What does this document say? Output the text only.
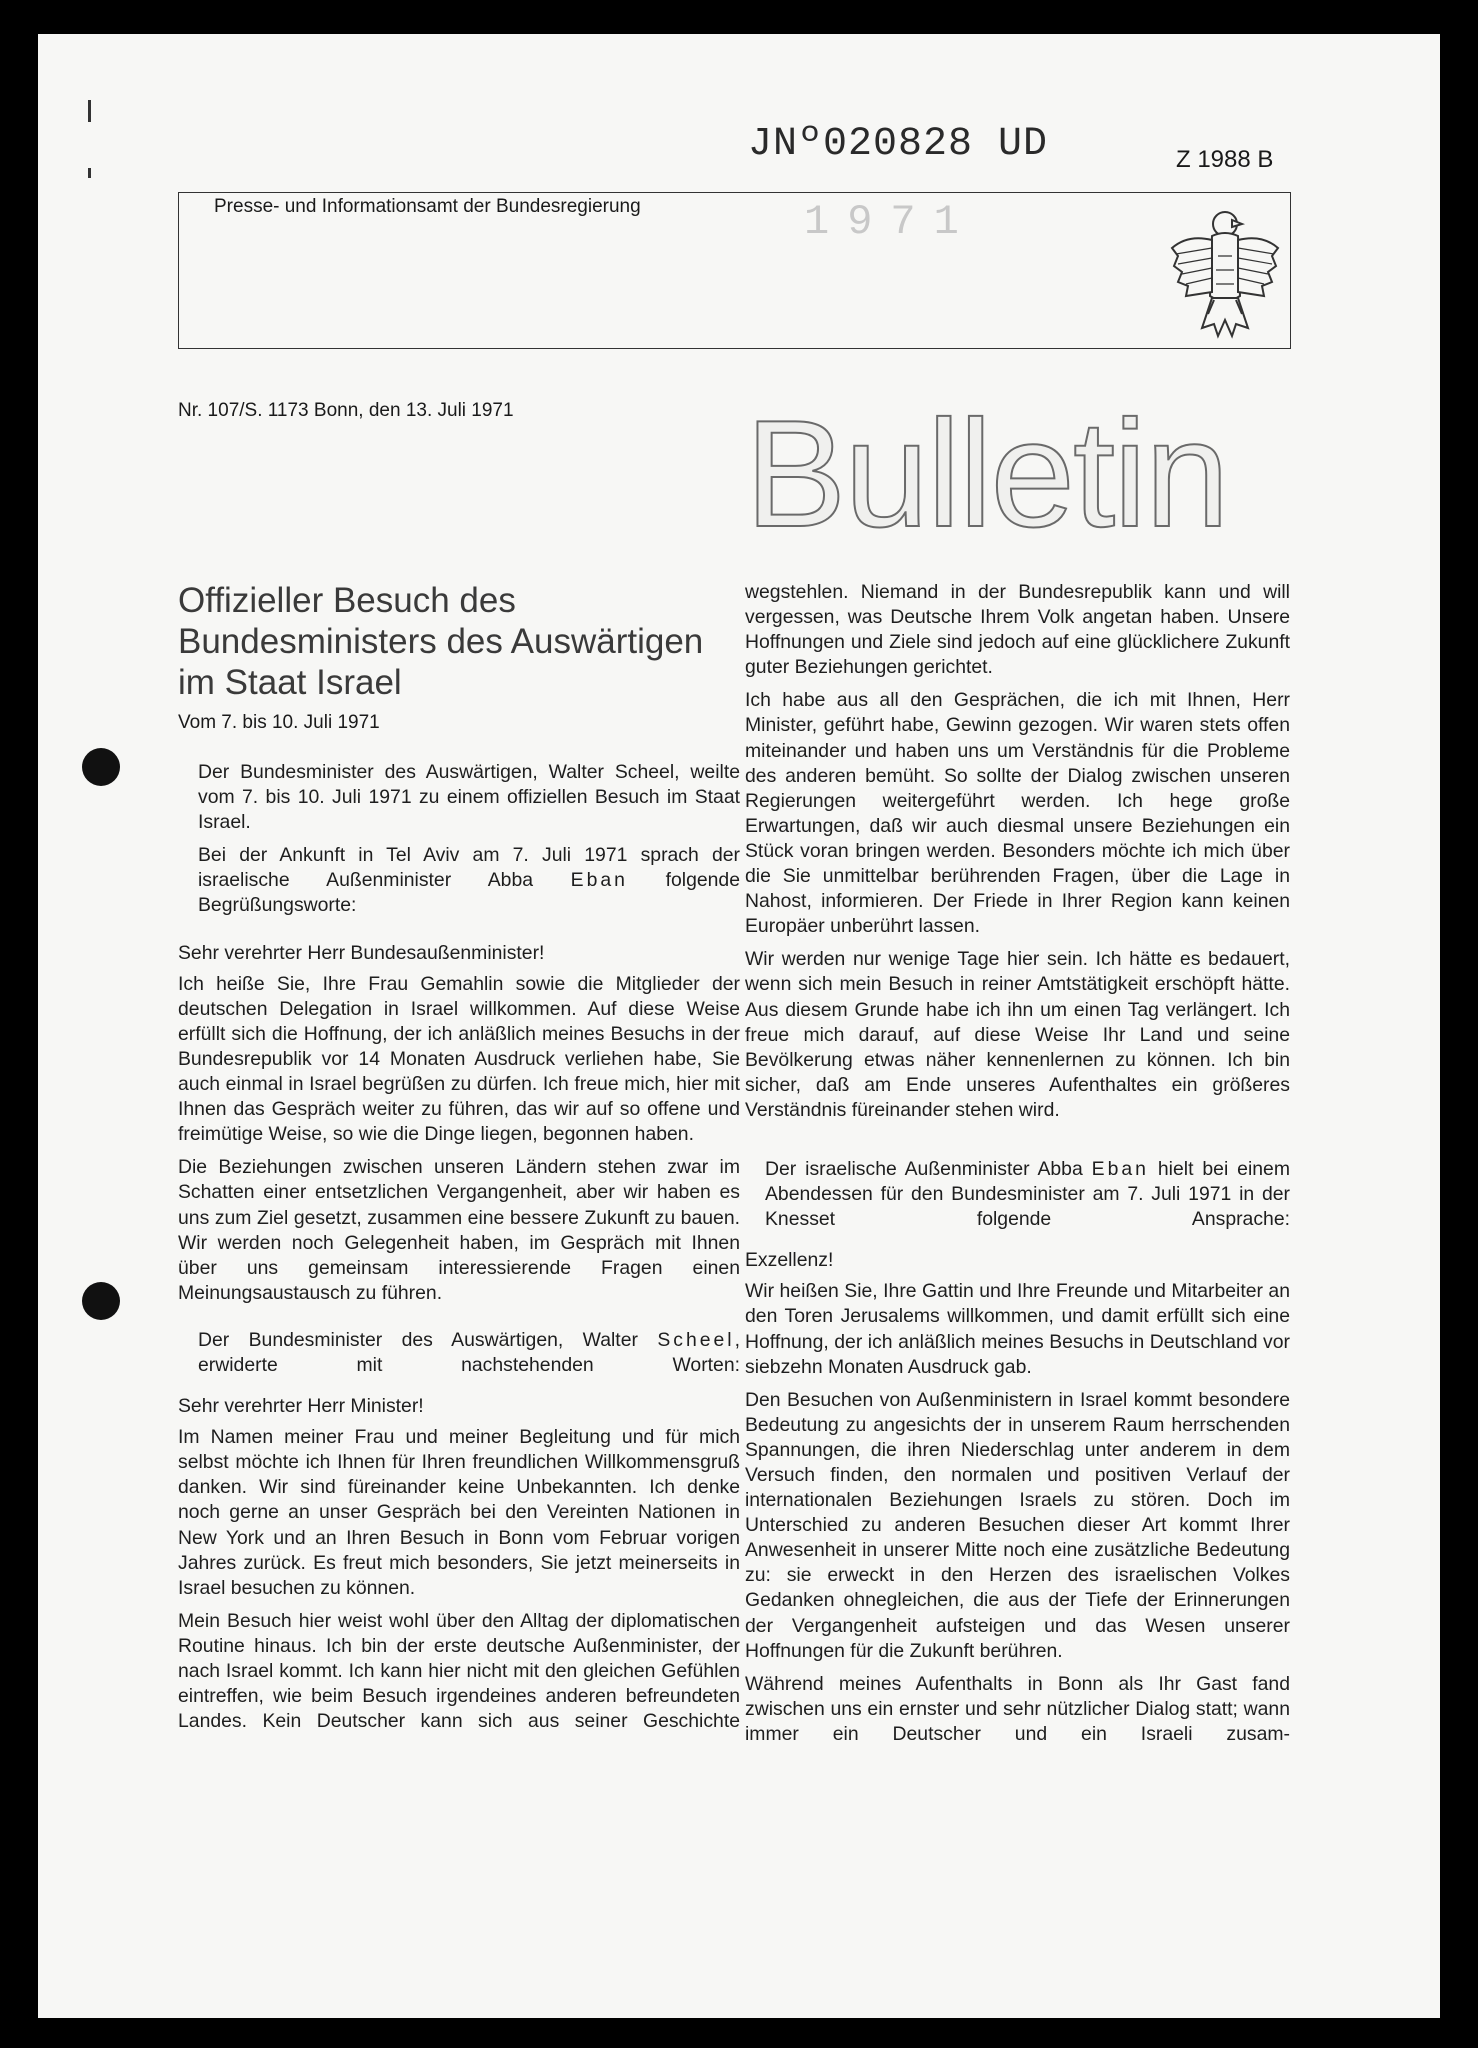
JNº020828 UD	Z 1988 B
Presse- und Informationsamt der Bundesregierung	1971
Nr. 107/S. 1173 Bonn, den 13. Juli 1971 Bulletin
Offizieller Besuch des Bundesministers des Auswärtigen im Staat Israel
Vom 7. bis 10. Juli 1971

Der Bundesminister des Auswärtigen, Walter Scheel, weilte vom 7. bis 10. Juli 1971 zu einem offiziellen Besuch im Staat Israel.

Bei der Ankunft in Tel Aviv am 7. Juli 1971 sprach der israelische Außenminister Abba Eban folgende Begrüßungsworte:

Sehr verehrter Herr Bundesaußenminister!

Ich heiße Sie, Ihre Frau Gemahlin sowie die Mitglieder der deutschen Delegation in Israel willkommen. Auf diese Weise erfüllt sich die Hoffnung, der ich anläßlich meines Besuchs in der Bundesrepublik vor 14 Monaten Ausdruck verliehen habe, Sie auch einmal in Israel begrüßen zu dürfen. Ich freue mich, hier mit Ihnen das Gespräch weiter zu führen, das wir auf so offene und freimütige Weise, so wie die Dinge liegen, begonnen haben.

Die Beziehungen zwischen unseren Ländern stehen zwar im Schatten einer entsetzlichen Vergangenheit, aber wir haben es uns zum Ziel gesetzt, zusammen eine bessere Zukunft zu bauen. Wir werden noch Gelegenheit haben, im Gespräch mit Ihnen über uns gemeinsam interessierende Fragen einen Meinungsaustausch zu führen.

Der Bundesminister des Auswärtigen, Walter Scheel, erwiderte mit nachstehenden Worten:

Sehr verehrter Herr Minister!

Im Namen meiner Frau und meiner Begleitung und für mich selbst möchte ich Ihnen für Ihren freundlichen Willkommensgruß danken. Wir sind füreinander keine Unbekannten. Ich denke noch gerne an unser Gespräch bei den Vereinten Nationen in New York und an Ihren Besuch in Bonn vom Februar vorigen Jahres zurück. Es freut mich besonders, Sie jetzt meinerseits in Israel besuchen zu können.

Mein Besuch hier weist wohl über den Alltag der diplomatischen Routine hinaus. Ich bin der erste deutsche Außenminister, der nach Israel kommt. Ich kann hier nicht mit den gleichen Gefühlen eintreffen, wie beim Besuch irgendeines anderen befreundeten Landes. Kein Deutscher kann sich aus seiner Geschichte

wegstehlen. Niemand in der Bundesrepublik kann und will vergessen, was Deutsche Ihrem Volk angetan haben. Unsere Hoffnungen und Ziele sind jedoch auf eine glücklichere Zukunft guter Beziehungen gerichtet.

Ich habe aus all den Gesprächen, die ich mit Ihnen, Herr Minister, geführt habe, Gewinn gezogen. Wir waren stets offen miteinander und haben uns um Verständnis für die Probleme des anderen bemüht. So sollte der Dialog zwischen unseren Regierungen weitergeführt werden. Ich hege große Erwartungen, daß wir auch diesmal unsere Beziehungen ein Stück voran bringen werden. Besonders möchte ich mich über die Sie unmittelbar berührenden Fragen, über die Lage in Nahost, informieren. Der Friede in Ihrer Region kann keinen Europäer unberührt lassen.

Wir werden nur wenige Tage hier sein. Ich hätte es bedauert, wenn sich mein Besuch in reiner Amtstätigkeit erschöpft hätte. Aus diesem Grunde habe ich ihn um einen Tag verlängert. Ich freue mich darauf, auf diese Weise Ihr Land und seine Bevölkerung etwas näher kennenlernen zu können. Ich bin sicher, daß am Ende unseres Aufenthaltes ein größeres Verständnis füreinander stehen wird.

Der israelische Außenminister Abba Eban hielt bei einem Abendessen für den Bundesminister am 7. Juli 1971 in der Knesset folgende Ansprache:

Exzellenz!

Wir heißen Sie, Ihre Gattin und Ihre Freunde und Mitarbeiter an den Toren Jerusalems willkommen, und damit erfüllt sich eine Hoffnung, der ich anläßlich meines Besuchs in Deutschland vor siebzehn Monaten Ausdruck gab.

Den Besuchen von Außenministern in Israel kommt besondere Bedeutung zu angesichts der in unserem Raum herrschenden Spannungen, die ihren Niederschlag unter anderem in dem Versuch finden, den normalen und positiven Verlauf der internationalen Beziehungen Israels zu stören. Doch im Unterschied zu anderen Besuchen dieser Art kommt Ihrer Anwesenheit in unserer Mitte noch eine zusätzliche Bedeutung zu: sie erweckt in den Herzen des israelischen Volkes Gedanken ohnegleichen, die aus der Tiefe der Erinnerungen der Vergangenheit aufsteigen und das Wesen unserer Hoffnungen für die Zukunft berühren.

Während meines Aufenthalts in Bonn als Ihr Gast fand zwischen uns ein ernster und sehr nützlicher Dialog statt; wann immer ein Deutscher und ein Israeli zusam-
